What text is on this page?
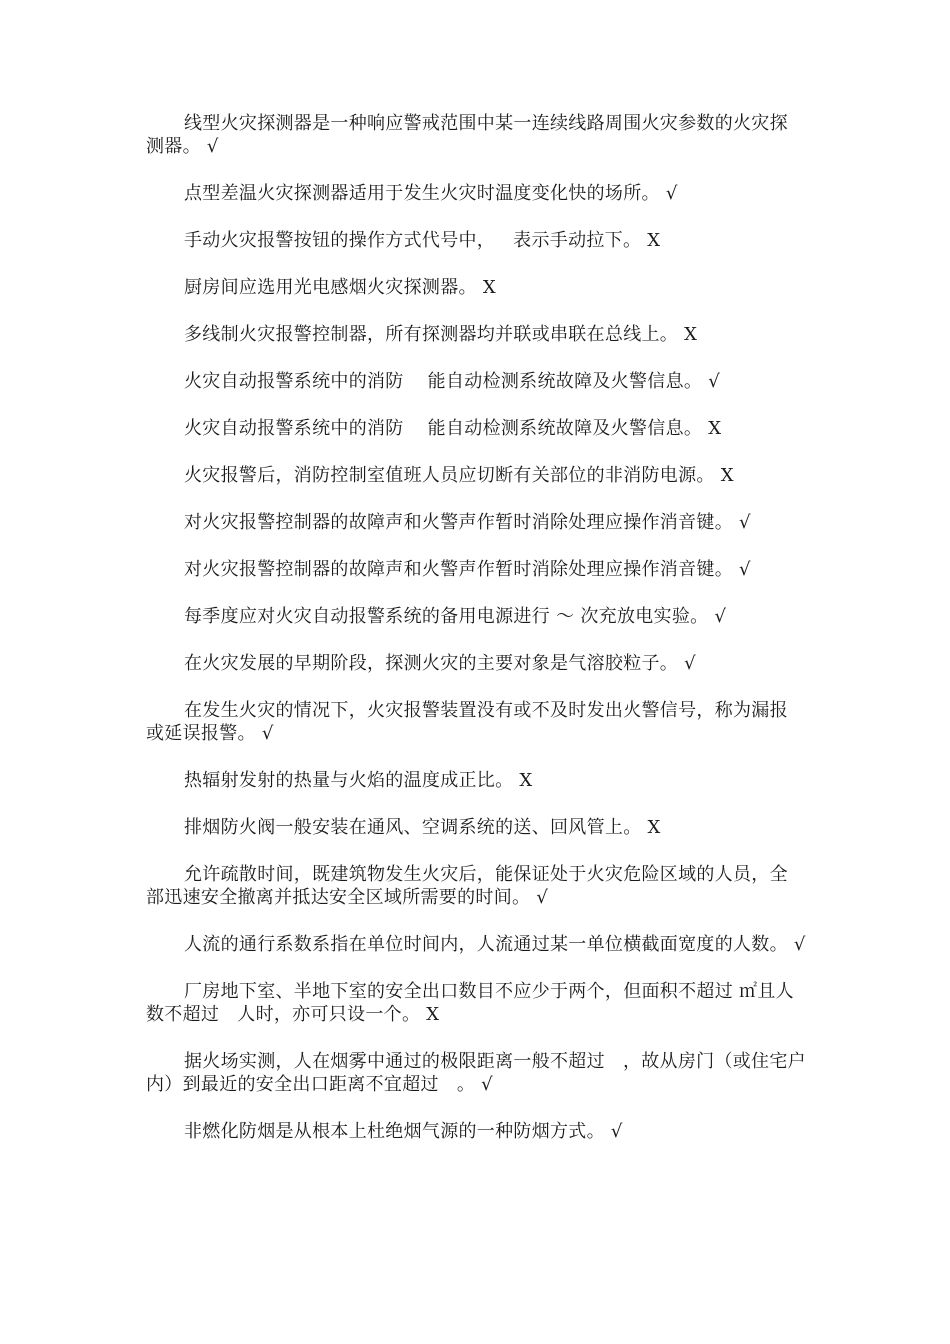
线型火灾探测器是一种响应警戒范围中某一连续线路周围火灾参数的火灾探测器。 √

点型差温火灾探测器适用于发生火灾时温度变化快的场所。 √

手动火灾报警按钮的操作方式代号中，   表示手动拉下。 X

厨房间应选用光电感烟火灾探测器。 X

多线制火灾报警控制器，所有探测器均并联或串联在总线上。 X

火灾自动报警系统中的消防    能自动检测系统故障及火警信息。 √

火灾自动报警系统中的消防    能自动检测系统故障及火警信息。 X

火灾报警后，消防控制室值班人员应切断有关部位的非消防电源。 X

对火灾报警控制器的故障声和火警声作暂时消除处理应操作消音键。 √

对火灾报警控制器的故障声和火警声作暂时消除处理应操作消音键。 √

每季度应对火灾自动报警系统的备用电源进行 ～ 次充放电实验。 √

在火灾发展的早期阶段，探测火灾的主要对象是气溶胶粒子。 √

在发生火灾的情况下，火灾报警装置没有或不及时发出火警信号，称为漏报或延误报警。 √

热辐射发射的热量与火焰的温度成正比。 X

排烟防火阀一般安装在通风、空调系统的送、回风管上。 X

允许疏散时间，既建筑物发生火灾后，能保证处于火灾危险区域的人员，全部迅速安全撤离并抵达安全区域所需要的时间。 √

人流的通行系数系指在单位时间内，人流通过某一单位横截面宽度的人数。 √

厂房地下室、半地下室的安全出口数目不应少于两个，但面积不超过 ㎡且人数不超过   人时，亦可只设一个。 X

据火场实测，人在烟雾中通过的极限距离一般不超过   ，故从房门（或住宅户内）到最近的安全出口距离不宜超过   。 √

非燃化防烟是从根本上杜绝烟气源的一种防烟方式。 √
